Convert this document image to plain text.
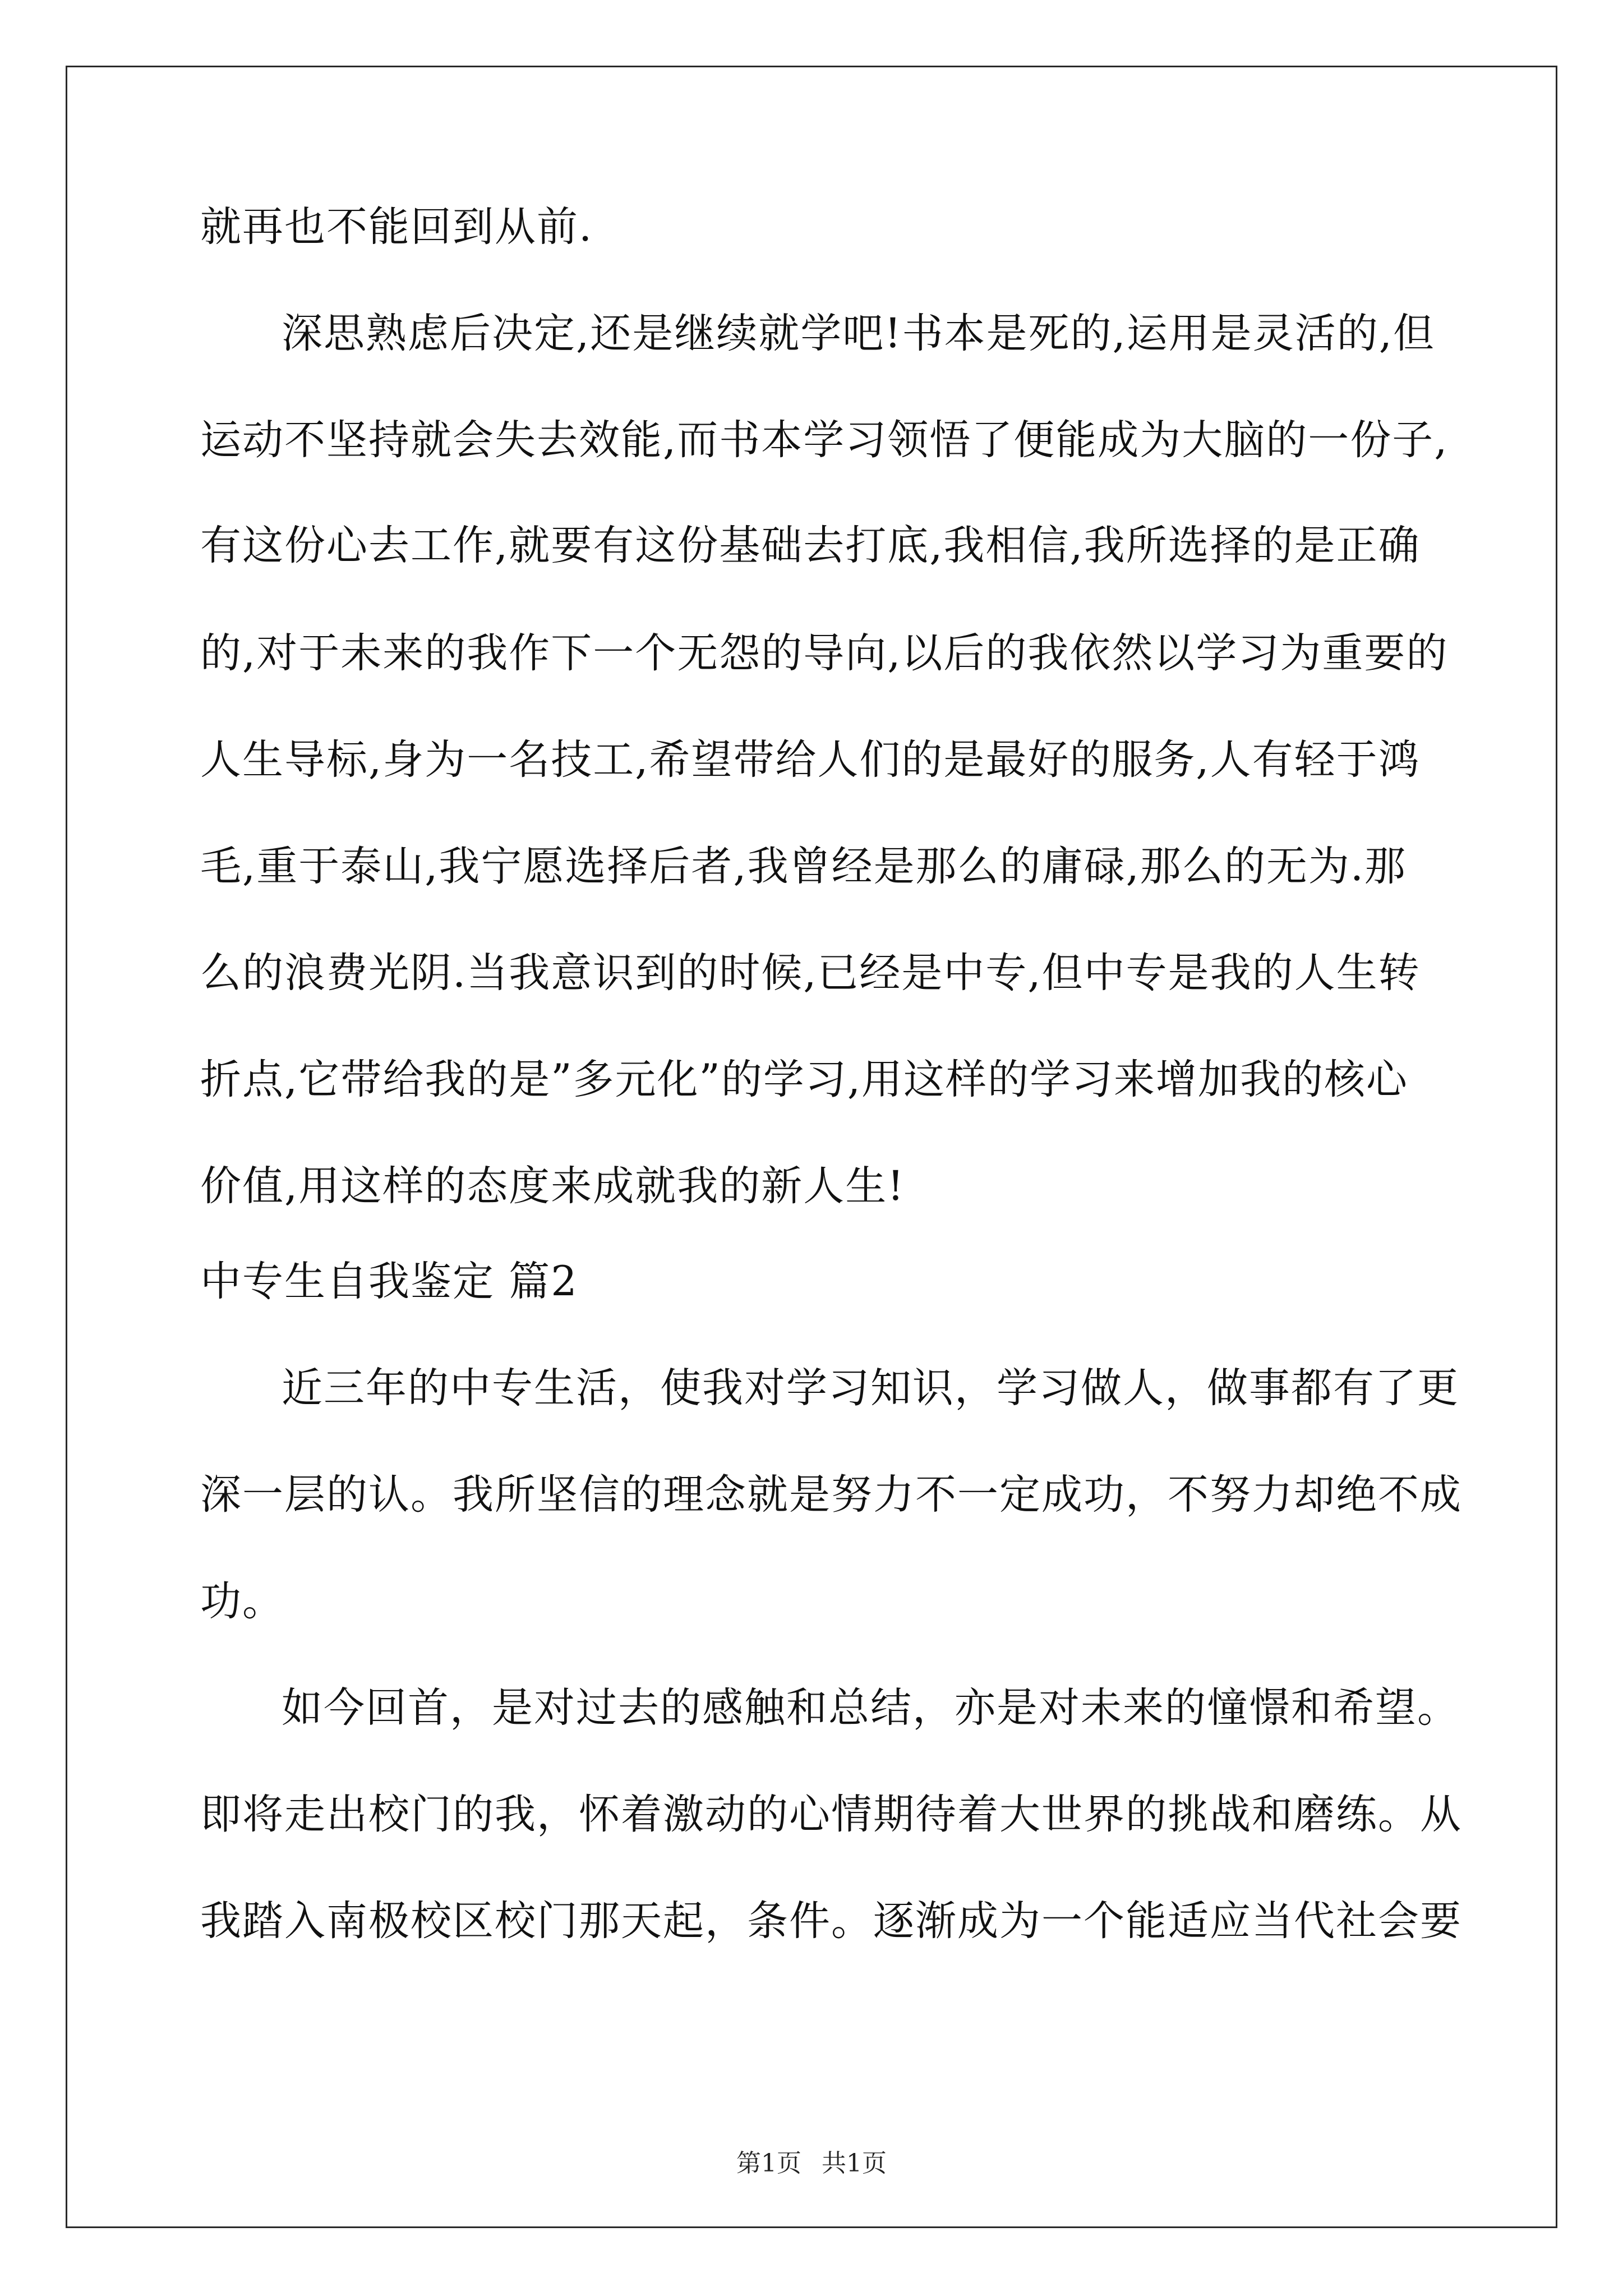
就再也不能回到从前.
深思熟虑后决定,还是继续就学吧!书本是死的,运用是灵活的,但
运动不坚持就会失去效能,而书本学习领悟了便能成为大脑的一份子,
有这份心去工作,就要有这份基础去打底,我相信,我所选择的是正确
的,对于未来的我作下一个无怨的导向,以后的我依然以学习为重要的
人生导标,身为一名技工,希望带给人们的是最好的服务,人有轻于鸿
毛,重于泰山,我宁愿选择后者,我曾经是那么的庸碌,那么的无为.那
么的浪费光阴.当我意识到的时候,已经是中专,但中专是我的人生转
折点,它带给我的是”多元化”的学习,用这样的学习来增加我的核心
价值,用这样的态度来成就我的新人生!
中专生自我鉴定 篇2
近三年的中专生活，使我对学习知识，学习做人，做事都有了更
深一层的认。我所坚信的理念就是努力不一定成功，不努力却绝不成
功。
如今回首，是对过去的感触和总结，亦是对未来的憧憬和希望。
即将走出校门的我，怀着激动的心情期待着大世界的挑战和磨练。从
我踏入南极校区校门那天起，条件。逐渐成为一个能适应当代社会要
第1页 共1页
